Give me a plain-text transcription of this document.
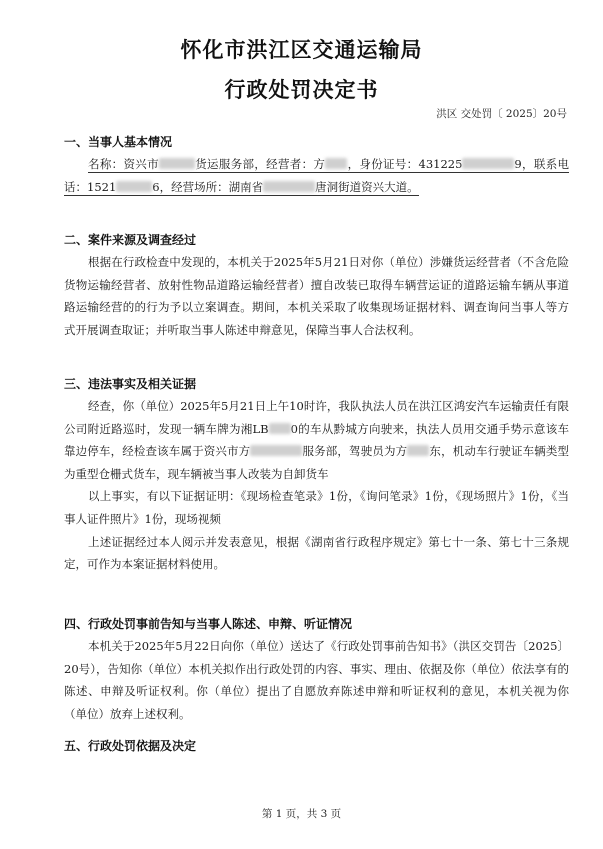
怀化市洪江区交通运输局
行政处罚决定书
洪区 交处罚〔 2025〕20号
一、当事人基本情况

名称：资兴市	货运服务部，经营者：方 ，身份证号：431225	9，联系电话：1521	6，经营场所：湖南省	唐洞街道资兴大道。

二、案件来源及调查经过

根据在行政检查中发现的，本机关于2025年5月21日对你（单位）涉嫌货运经营者（不含危险货物运输经营者、放射性物品道路运输经营者）擅自改装已取得车辆营运证的道路运输车辆从事道路运输经营的的行为予以立案调查。期间，本机关采取了收集现场证据材料、调查询问当事人等方式开展调查取证；并听取当事人陈述申辩意见，保障当事人合法权利。

三、违法事实及相关证据

经查，你（单位）2025年5月21日上午10时许，我队执法人员在洪江区鸿安汽车运输责任有限公司附近路巡时，发现一辆车牌为湘LB 0的车从黔城方向驶来，执法人员用交通手势示意该车靠边停车，经检查该车属于资兴市方	服务部，驾驶员为方 东，机动车行驶证车辆类型为重型仓栅式货车，现车辆被当事人改装为自卸货车

以上事实，有以下证据证明：《现场检查笔录》1份，《询问笔录》1份，《现场照片》1份，《当事人证件照片》1份，现场视频

上述证据经过本人阅示并发表意见，根据《湖南省行政程序规定》第七十一条、第七十三条规定，可作为本案证据材料使用。

四、行政处罚事前告知与当事人陈述、申辩、听证情况

本机关于2025年5月22日向你（单位）送达了《行政处罚事前告知书》（洪区交罚告〔2025〕20号），告知你（单位）本机关拟作出行政处罚的内容、事实、理由、依据及你（单位）依法享有的陈述、申辩及听证权利。你（单位）提出了自愿放弃陈述申辩和听证权利的意见，本机关视为你（单位）放弃上述权利。

五、行政处罚依据及决定
第 1 页，共 3 页
